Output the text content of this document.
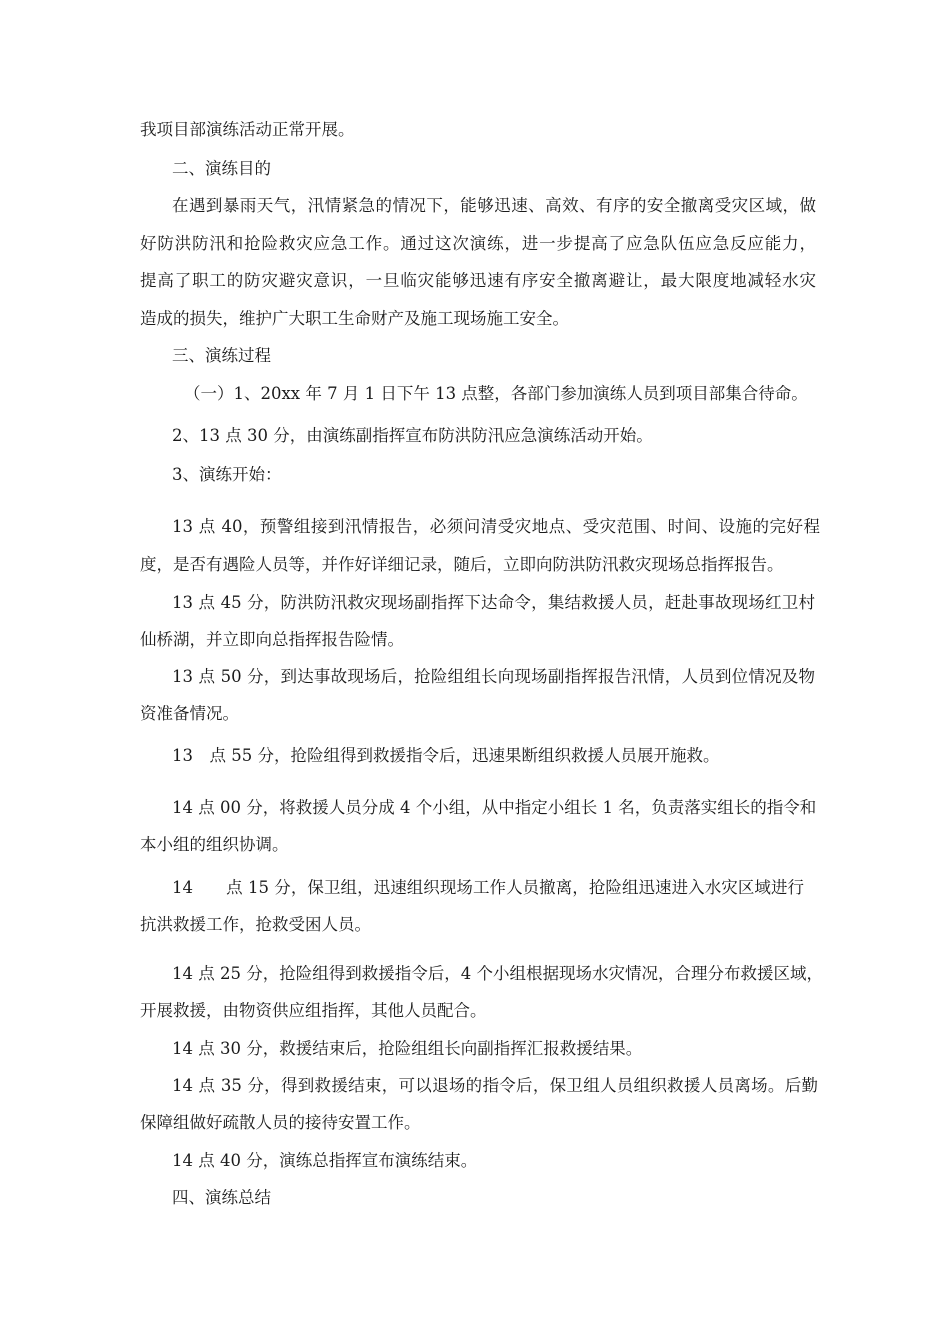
我项目部演练活动正常开展。
二、演练目的
在遇到暴雨天气，汛情紧急的情况下，能够迅速、高效、有序的安全撤离受灾区域，做
好防洪防汛和抢险救灾应急工作。通过这次演练，进一步提高了应急队伍应急反应能力，
提高了职工的防灾避灾意识，一旦临灾能够迅速有序安全撤离避让，最大限度地减轻水灾
造成的损失，维护广大职工生命财产及施工现场施工安全。
三、演练过程
（一）1、20xx 年 7 月 1 日下午 13 点整，各部门参加演练人员到项目部集合待命。
2、13 点 30 分，由演练副指挥宣布防洪防汛应急演练活动开始。
3、演练开始：
13 点 40，预警组接到汛情报告，必须问清受灾地点、受灾范围、时间、设施的完好程
度，是否有遇险人员等，并作好详细记录，随后，立即向防洪防汛救灾现场总指挥报告。
13 点 45 分，防洪防汛救灾现场副指挥下达命令，集结救援人员，赶赴事故现场红卫村
仙桥湖，并立即向总指挥报告险情。
13 点 50 分，到达事故现场后，抢险组组长向现场副指挥报告汛情，人员到位情况及物
资准备情况。
13　点 55 分，抢险组得到救援指令后，迅速果断组织救援人员展开施救。
14 点 00 分，将救援人员分成 4 个小组，从中指定小组长 1 名，负责落实组长的指令和
本小组的组织协调。
14　　点 15 分，保卫组，迅速组织现场工作人员撤离，抢险组迅速进入水灾区域进行
抗洪救援工作，抢救受困人员。
14 点 25 分，抢险组得到救援指令后，4 个小组根据现场水灾情况，合理分布救援区域，
开展救援，由物资供应组指挥，其他人员配合。
14 点 30 分，救援结束后，抢险组组长向副指挥汇报救援结果。
14 点 35 分，得到救援结束，可以退场的指令后，保卫组人员组织救援人员离场。后勤
保障组做好疏散人员的接待安置工作。
14 点 40 分，演练总指挥宣布演练结束。
四、演练总结
